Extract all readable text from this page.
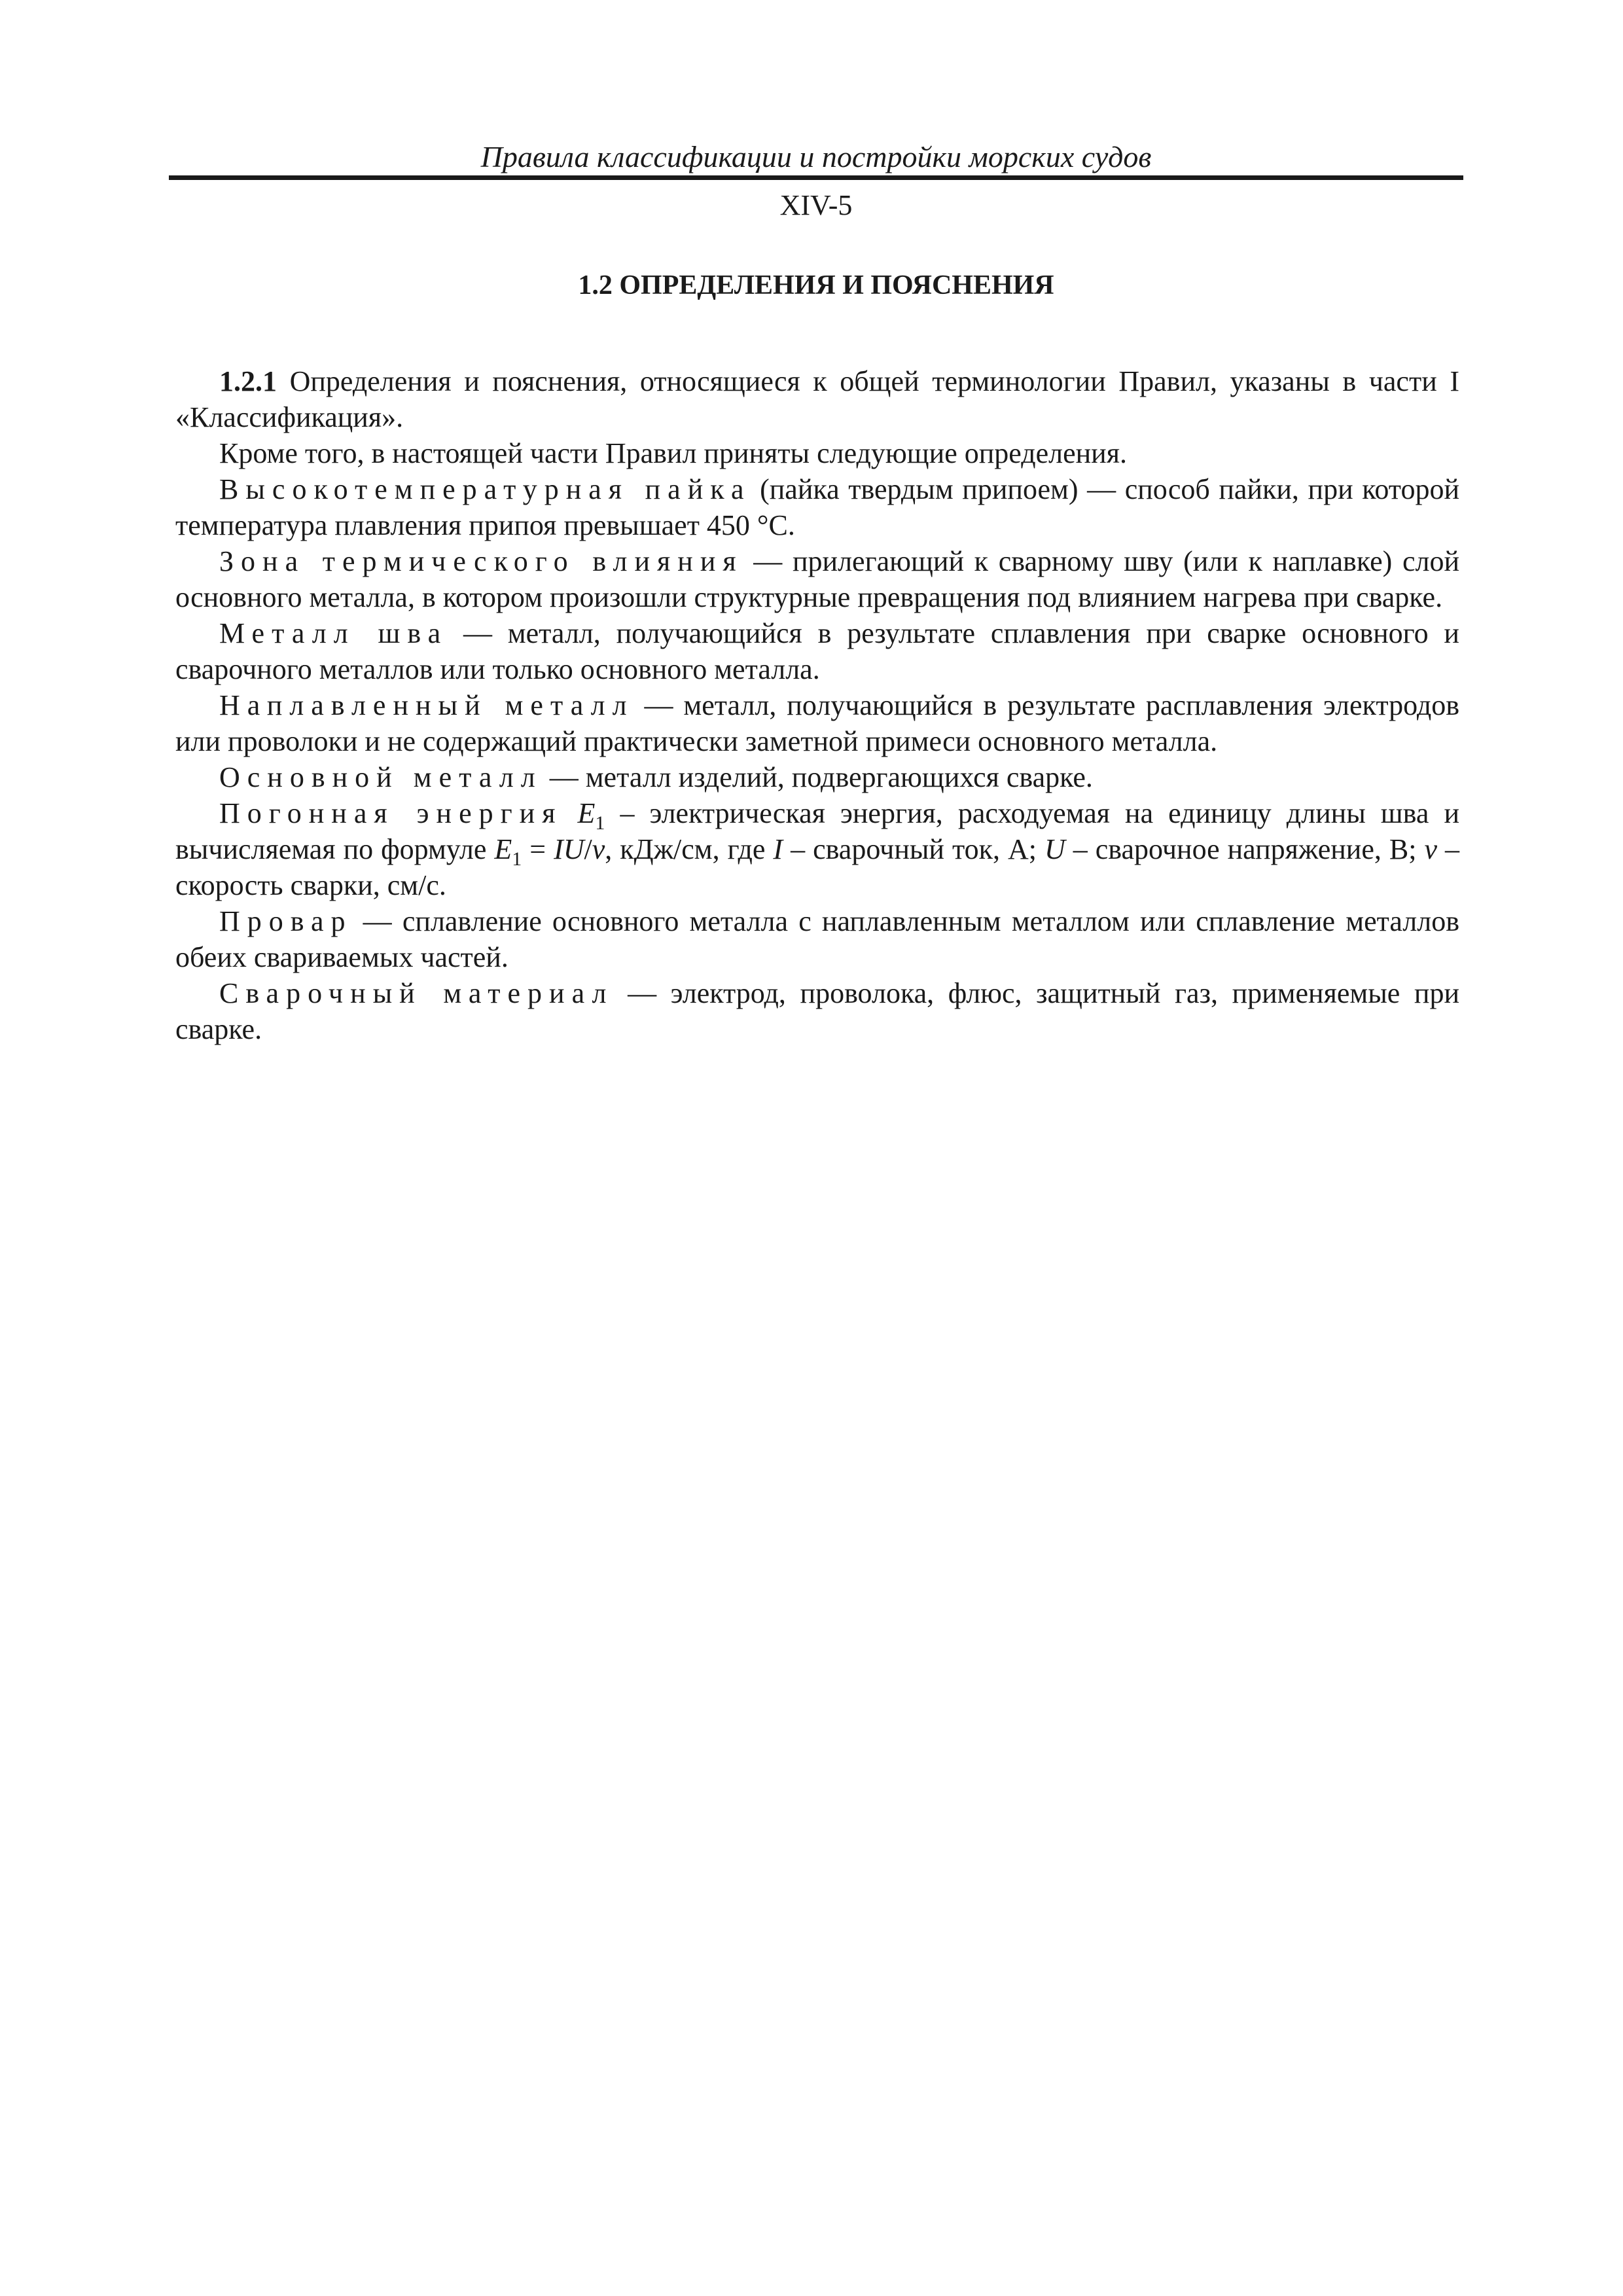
Правила классификации и постройки морских судов
XIV-5
1.2 ОПРЕДЕЛЕНИЯ И ПОЯСНЕНИЯ

1.2.1 Определения и пояснения, относящиеся к общей терминологии Правил, указаны в части I «Классификация».

Кроме того, в настоящей части Правил приняты следующие определения.

Высокотемпературная пайка (пайка твердым припоем) — способ пайки, при которой температура плавления припоя превышает 450 °С.

Зона термического влияния — прилегающий к сварному шву (или к наплавке) слой основного металла, в котором произошли структурные превращения под влиянием нагрева при сварке.

Металл шва — металл, получающийся в результате сплавления при сварке основного и сварочного металлов или только основного металла.

Наплавленный металл — металл, получающийся в результате расплавления электродов или проволоки и не содержащий практически заметной примеси основного металла.

Основной металл — металл изделий, подвергающихся сварке.

Погонная энергия $E_1$ – электрическая энергия, расходуемая на единицу длины шва и вычисляемая по формуле $E_1 = IU/v$, кДж/см, где I – сварочный ток, А; U – сварочное напряжение, В; v – скорость сварки, см/с.

Провар — сплавление основного металла с наплавленным металлом или сплавление металлов обеих свариваемых частей.

Сварочный материал — электрод, проволока, флюс, защитный газ, применяемые при сварке.
